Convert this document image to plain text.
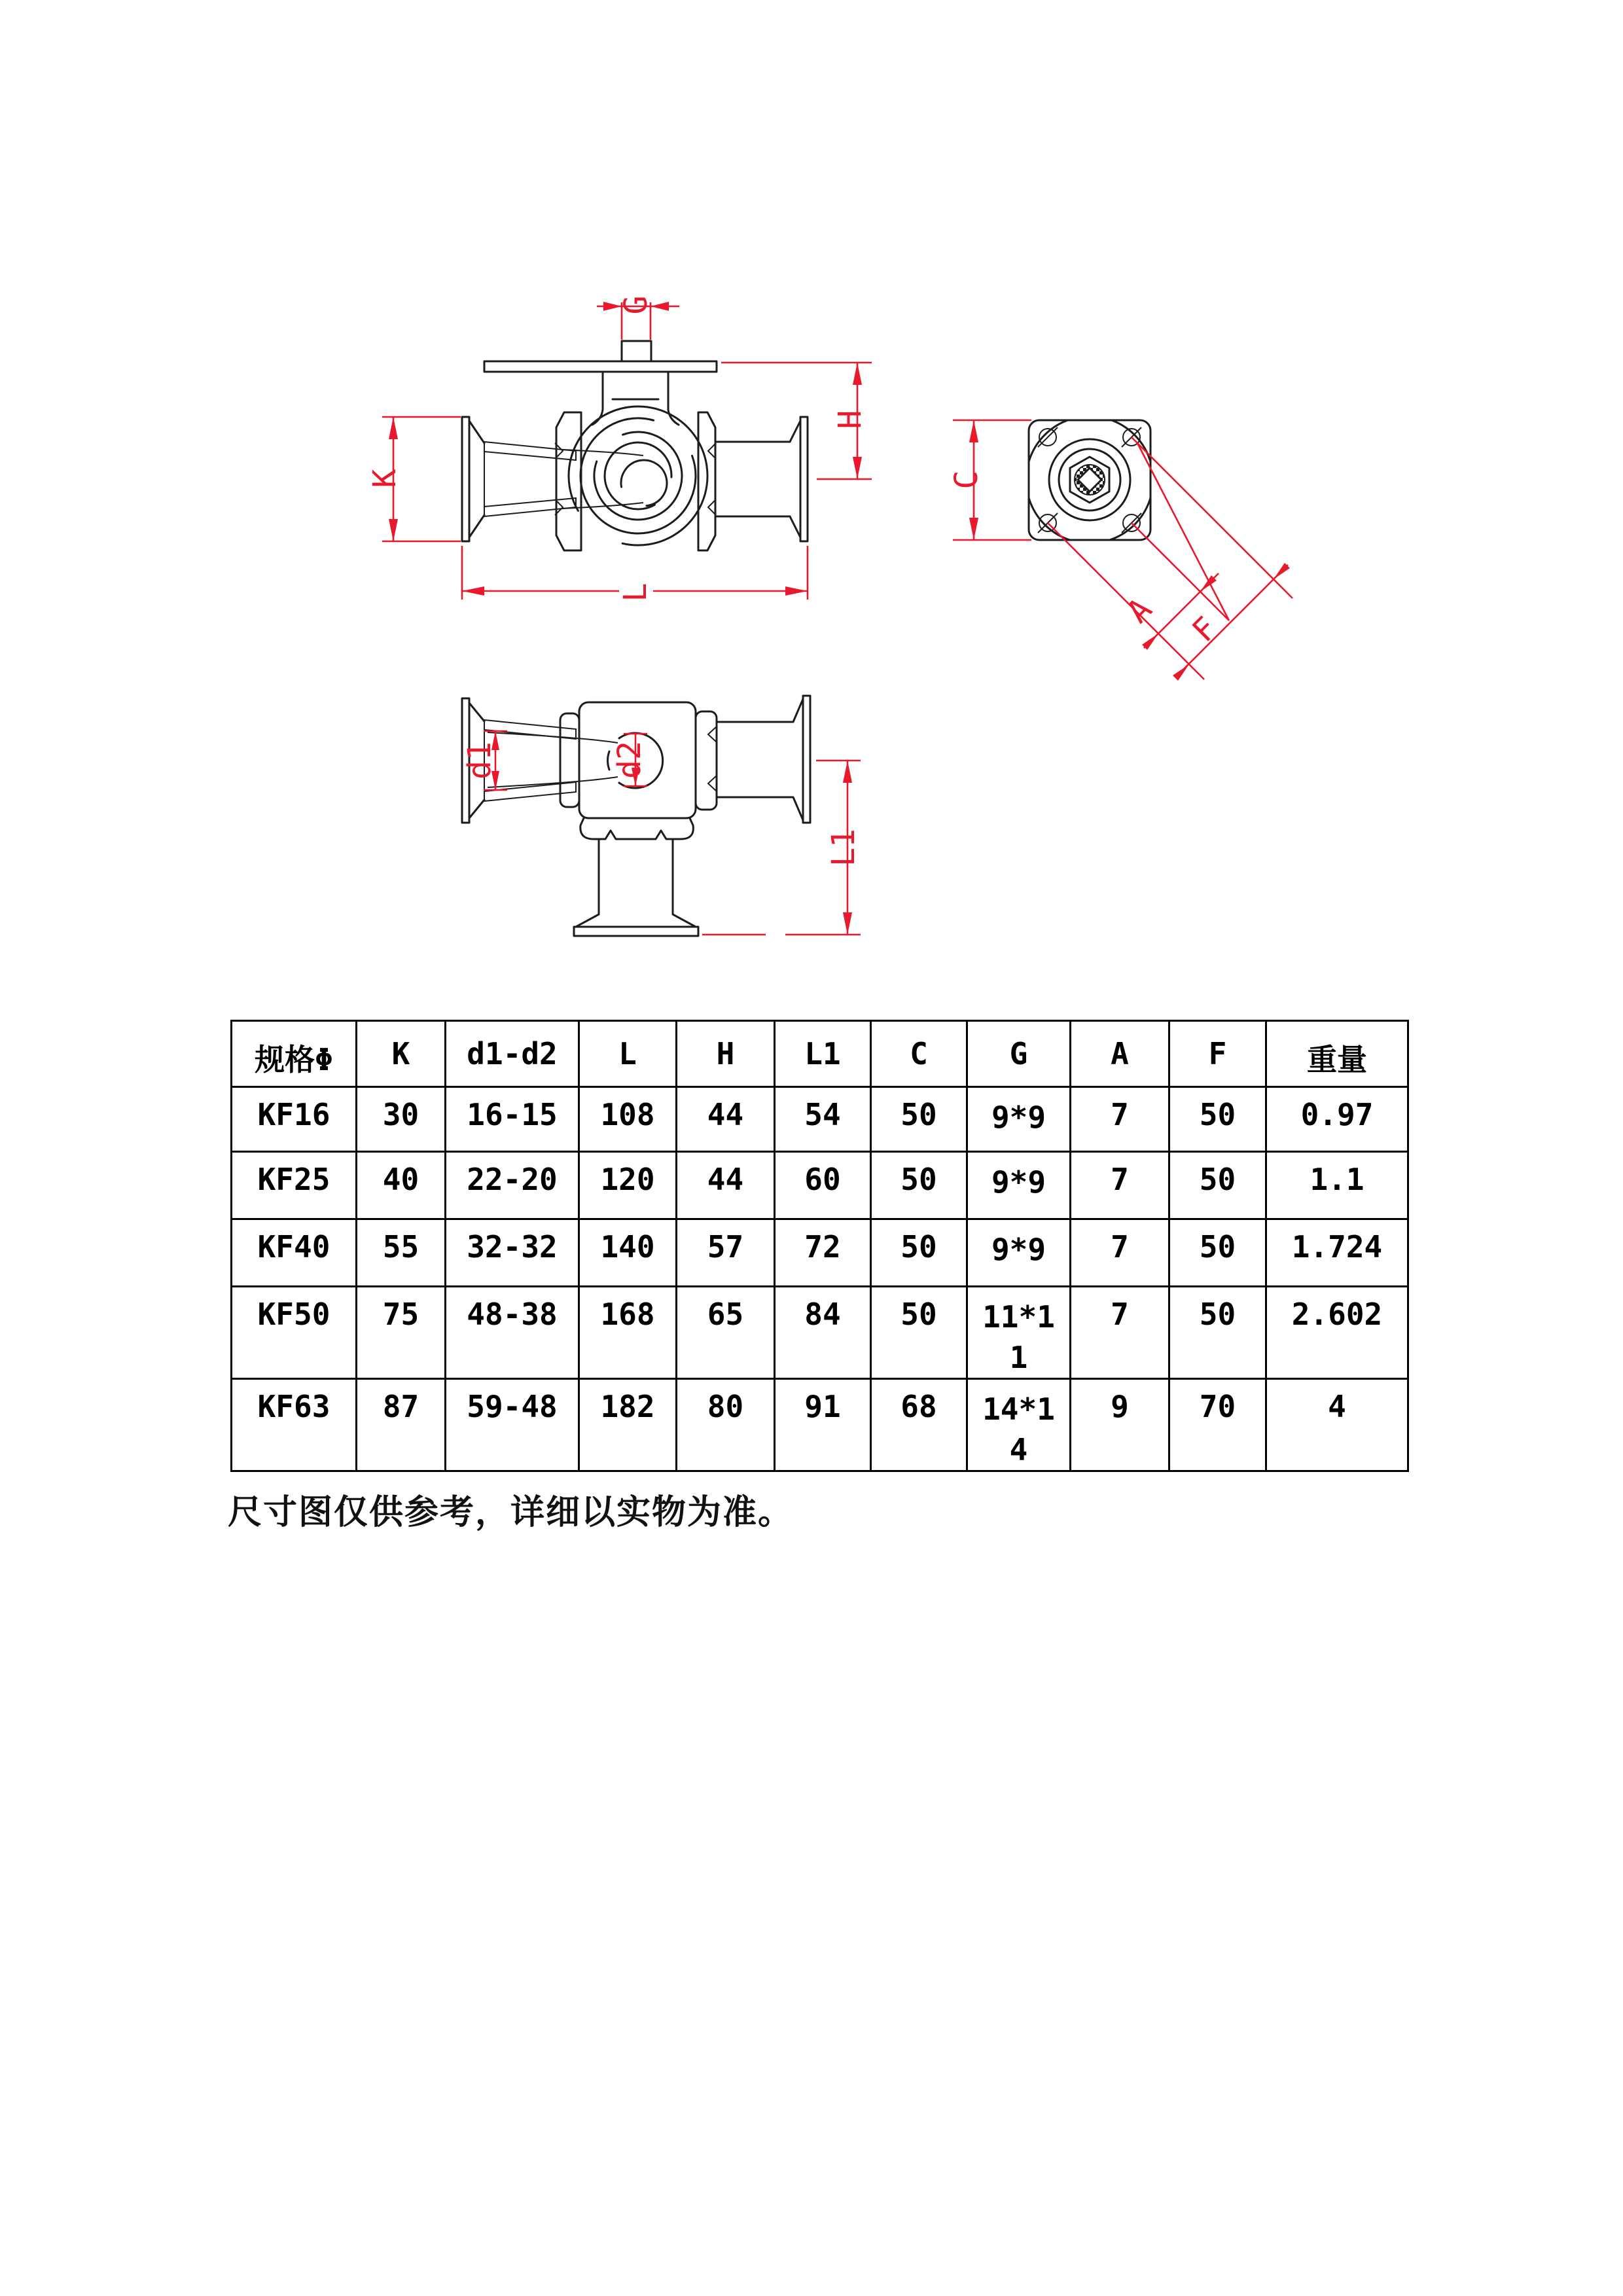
G
K
H
L
C
A F
d1	d2
L1
规格Φ	K	d1-d2	L	H	L1	C	G	A	F	重量
KF16	30	16-15	108	44	54	50	9*9	7	50	0.97
KF25	40	22-20	120	44	60	50	9*9	7	50	1.1
KF40	55	32-32	140	57	72	50	9*9	7	50	1.724
KF50	75	48-38	168	65	84	50	11*11	7	50	2.602
KF63	87	59-48	182	80	91	68	14*14	9	70	4
尺寸图仅供参考，详细以实物为准。
